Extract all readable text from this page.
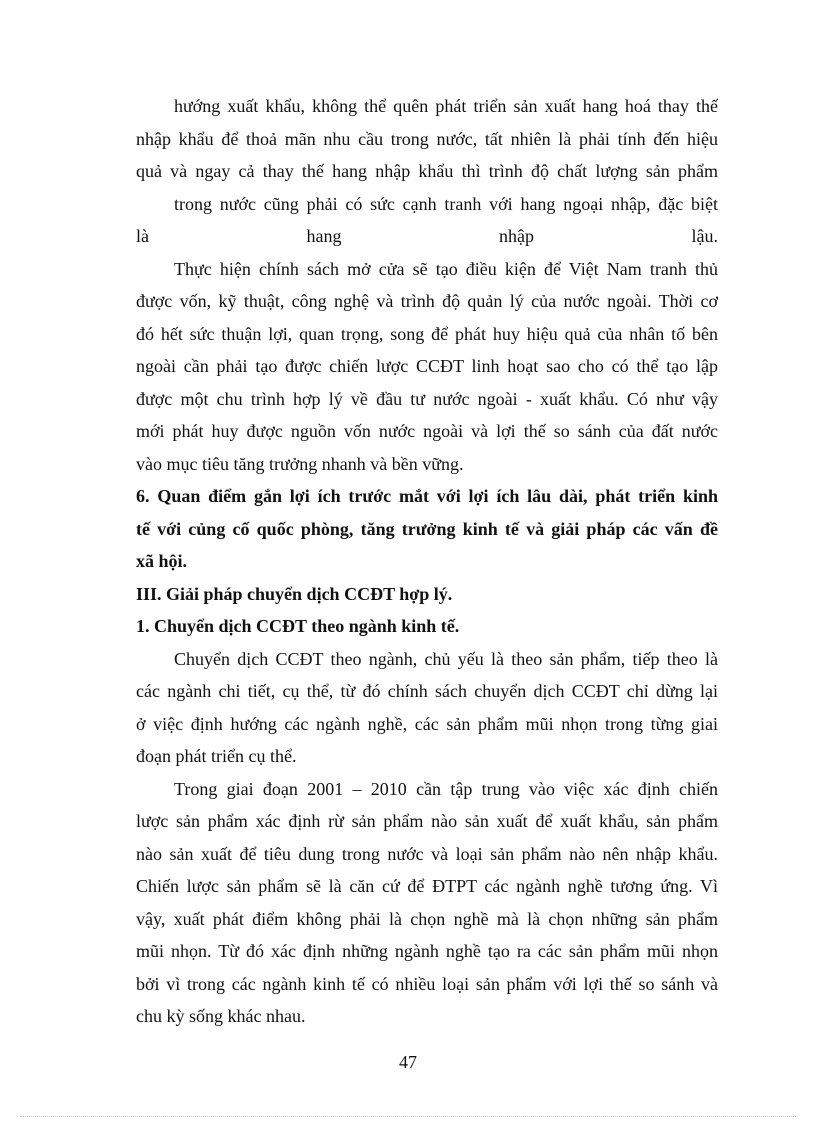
hướng xuất khẩu, không thể quên phát triển sản xuất hang hoá thay thế
nhập khẩu để thoả mãn nhu cầu trong nước, tất nhiên là phải tính đến hiệu
quả và ngay cả thay thế hang nhập khẩu thì trình độ chất lượng sản phẩm
trong nước cũng phải có sức cạnh tranh với hang ngoại nhập, đặc biệt
là hang nhập lậu.
Thực hiện chính sách mở cửa sẽ tạo điều kiện để Việt Nam tranh thủ
được vốn, kỹ thuật, công nghệ và trình độ quản lý của nước ngoài. Thời cơ
đó hết sức thuận lợi, quan trọng, song để phát huy hiệu quả của nhân tố bên
ngoài cần phải tạo được chiến lược CCĐT linh hoạt sao cho có thể tạo lập
được một chu trình hợp lý về đầu tư nước ngoài - xuất khẩu. Có như vậy
mới phát huy được nguồn vốn nước ngoài và lợi thế so sánh của đất nước
vào mục tiêu tăng trưởng nhanh và bền vững.
6. Quan điểm gắn lợi ích trước mắt với lợi ích lâu dài, phát triển kinh
tế với củng cố quốc phòng, tăng trưởng kinh tế và giải pháp các vấn đề
xã hội.
III. Giải pháp chuyển dịch CCĐT hợp lý.
1. Chuyển dịch CCĐT theo ngành kinh tế.
Chuyển dịch CCĐT theo ngành, chủ yếu là theo sản phẩm, tiếp theo là
các ngành chi tiết, cụ thể, từ đó chính sách chuyển dịch CCĐT chỉ dừng lại
ở việc định hướng các ngành nghề, các sản phẩm mũi nhọn trong từng giai
đoạn phát triển cụ thể.
Trong giai đoạn 2001 – 2010 cần tập trung vào việc xác định chiến
lược sản phẩm xác định rừ sản phẩm nào sản xuất để xuất khẩu, sản phẩm
nào sản xuất để tiêu dung trong nước và loại sản phẩm nào nên nhập khẩu.
Chiến lược sản phẩm sẽ là căn cứ để ĐTPT các ngành nghề tương ứng. Vì
vậy, xuất phát điểm không phải là chọn nghề mà là chọn những sản phẩm
mũi nhọn. Từ đó xác định những ngành nghề tạo ra các sản phẩm mũi nhọn
bởi vì trong các ngành kinh tế có nhiều loại sản phẩm với lợi thế so sánh và
chu kỳ sống khác nhau.
47
